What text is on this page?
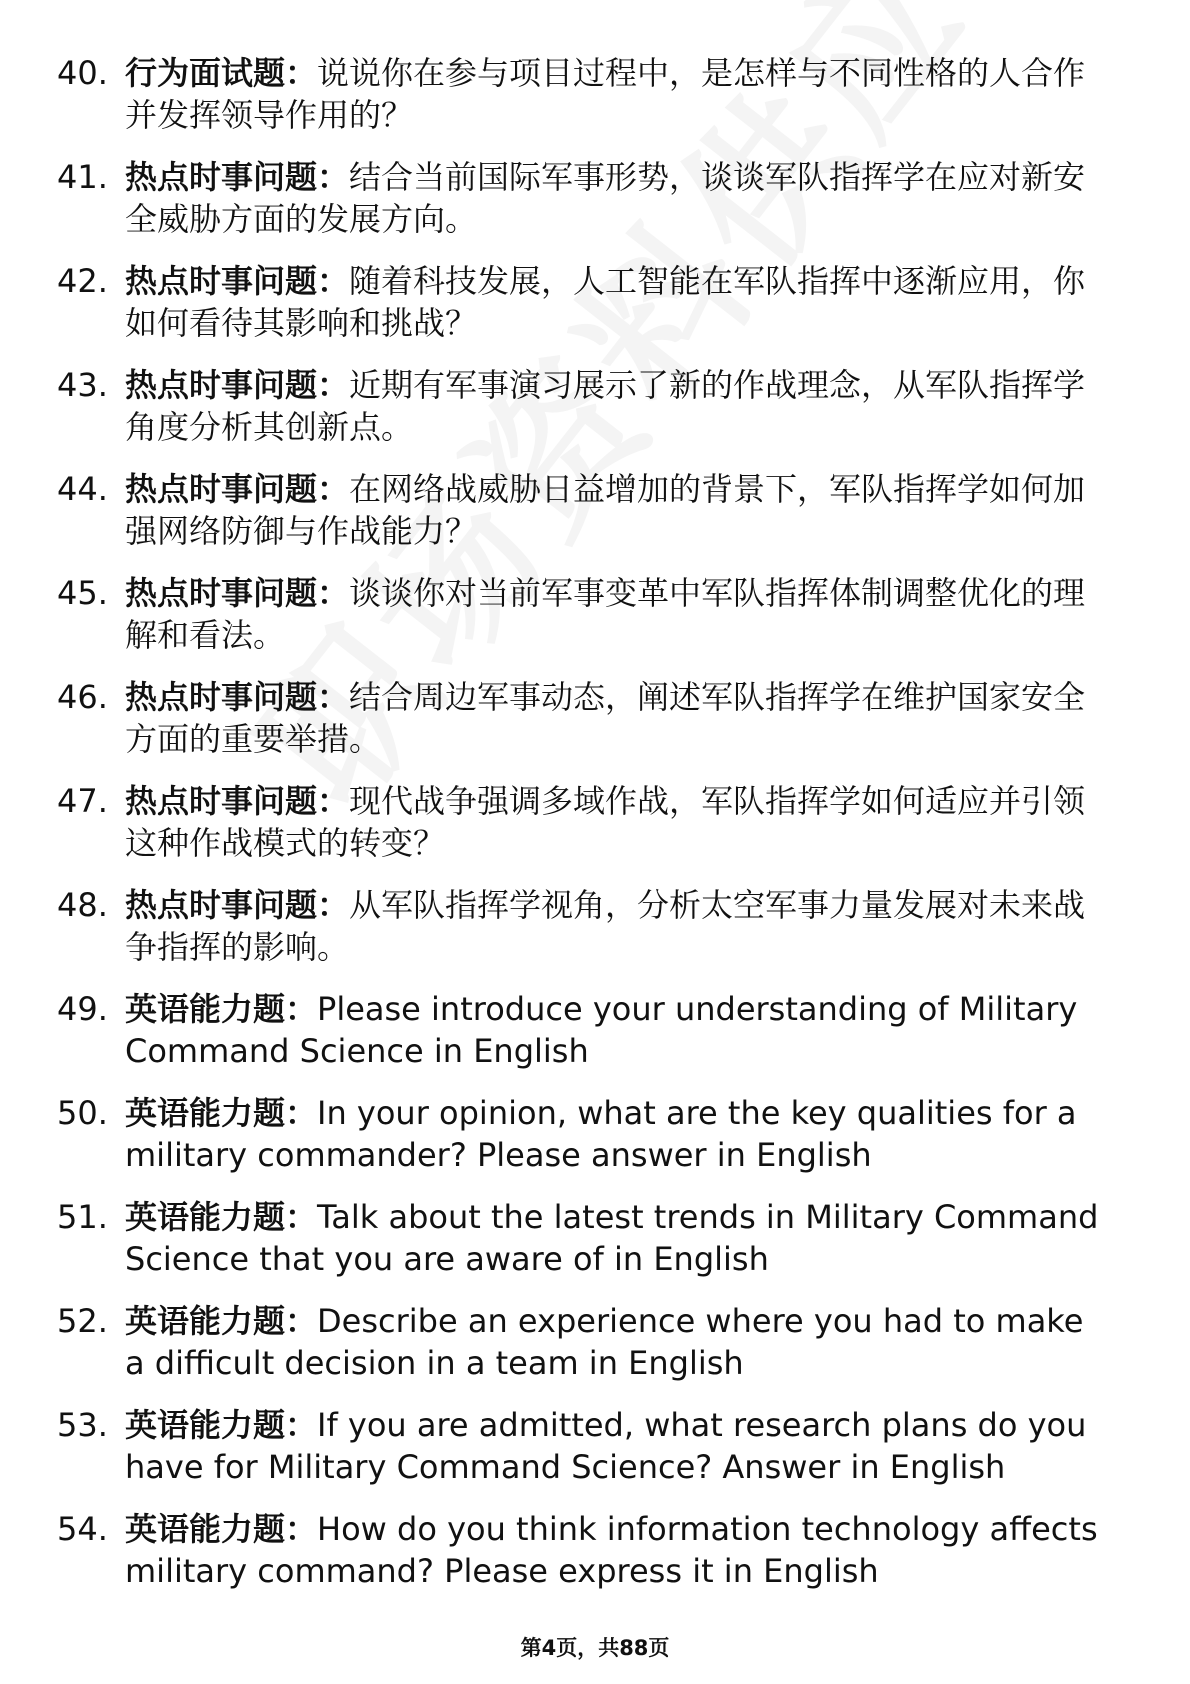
40. 行为面试题：说说你在参与项目过程中，是怎样与不同性格的人合作并发挥领导作用的？
41. 热点时事问题：结合当前国际军事形势，谈谈军队指挥学在应对新安全威胁方面的发展方向。
42. 热点时事问题：随着科技发展，人工智能在军队指挥中逐渐应用，你如何看待其影响和挑战？
43. 热点时事问题：近期有军事演习展示了新的作战理念，从军队指挥学角度分析其创新点。
44. 热点时事问题：在网络战威胁日益增加的背景下，军队指挥学如何加强网络防御与作战能力？
45. 热点时事问题：谈谈你对当前军事变革中军队指挥体制调整优化的理解和看法。
46. 热点时事问题：结合周边军事动态，阐述军队指挥学在维护国家安全方面的重要举措。
47. 热点时事问题：现代战争强调多域作战，军队指挥学如何适应并引领这种作战模式的转变？
48. 热点时事问题：从军队指挥学视角，分析太空军事力量发展对未来战争指挥的影响。
49. 英语能力题：Please introduce your understanding of Military Command Science in English
50. 英语能力题：In your opinion, what are the key qualities for a military commander? Please answer in English
51. 英语能力题：Talk about the latest trends in Military Command Science that you are aware of in English
52. 英语能力题：Describe an experience where you had to make a difficult decision in a team in English
53. 英语能力题：If you are admitted, what research plans do you have for Military Command Science? Answer in English
54. 英语能力题：How do you think information technology affects military command? Please express it in English
第4页，共88页
